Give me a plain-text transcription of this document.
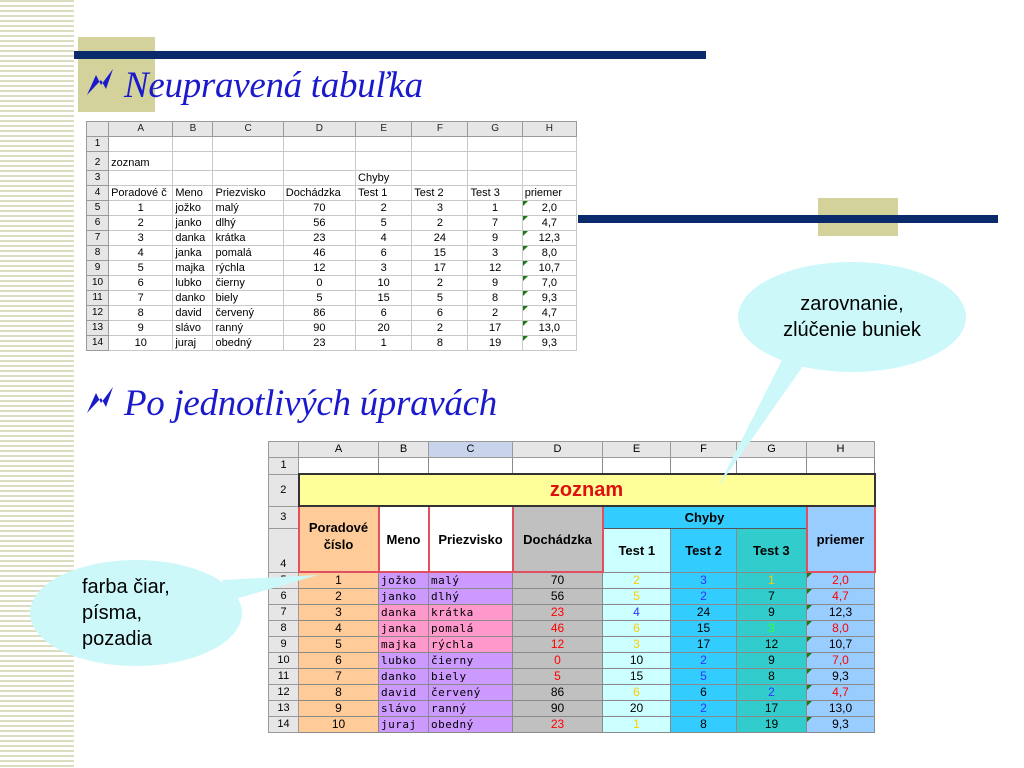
Neupravená tabuľka
Po jednotlivých úpravách
	A	B	C	D	E	F	G	H
1								
2	zoznam							
3					Chyby			
4	Poradové č	Meno	Priezvisko	Dochádzka	Test 1	Test 2	Test 3	priemer
5	1	jožko	malý	70	2	3	1	2,0
6	2	janko	dlhý	56	5	2	7	4,7
7	3	danka	krátka	23	4	24	9	12,3
8	4	janka	pomalá	46	6	15	3	8,0
9	5	majka	rýchla	12	3	17	12	10,7
10	6	lubko	čierny	0	10	2	9	7,0
11	7	danko	biely	5	15	5	8	9,3
12	8	david	červený	86	6	6	2	4,7
13	9	slávo	ranný	90	20	2	17	13,0
14	10	juraj	obedný	23	1	8	19	9,3
	A	B	C	D	E	F	G	H
1								
2	zoznam							
3	Poradové číslo	Meno	Priezvisko	Dochádzka	Chyby			priemer
4					Test 1	Test 2	Test 3	
	1	jožko	malý	70	2	3	1	2,0
6	2	janko	dlhý	56	5	2	7	4,7
7	3	danka	krátka	23	4	24	9	12,3
8	4	janka	pomalá	46	6	15	3	8,0
9	5	majka	rýchla	12	3	17	12	10,7
10	6	lubko	čierny	0	10	2	9	7,0
11	7	danko	biely	5	15	5	8	9,3
12	8	david	červený	86	6	6	2	4,7
13	9	slávo	ranný	90	20	2	17	13,0
14	10	juraj	obedný	23	1	8	19	9,3
zarovnanie, zlúčenie buniek
farba čiar, písma, pozadia
